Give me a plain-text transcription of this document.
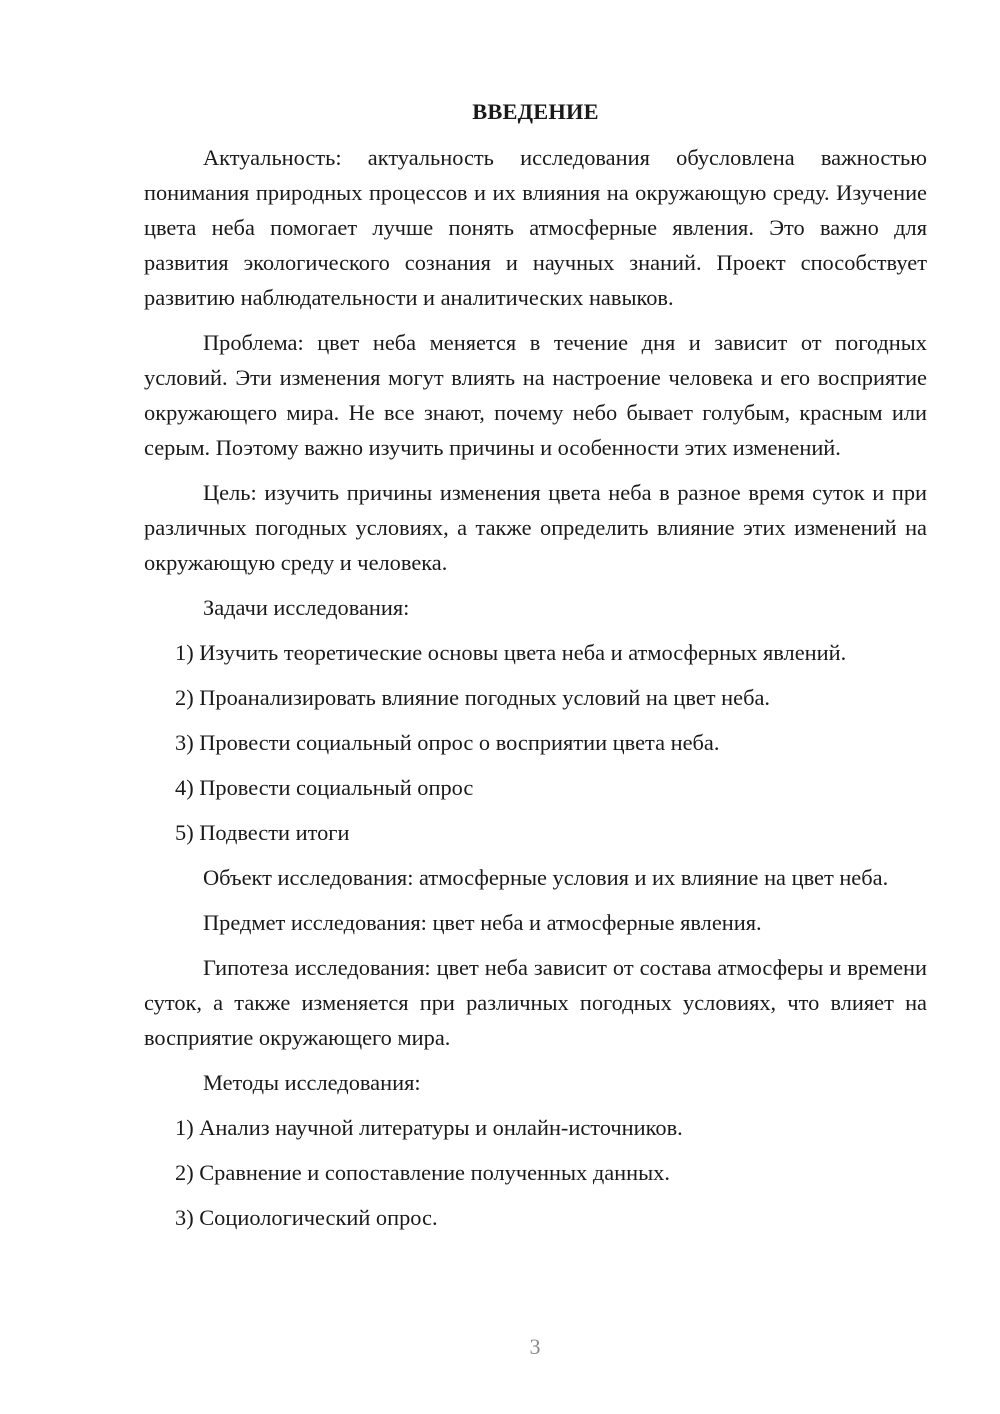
ВВЕДЕНИЕ

Актуальность: актуальность исследования обусловлена важностью понимания природных процессов и их влияния на окружающую среду. Изучение цвета неба помогает лучше понять атмосферные явления. Это важно для развития экологического сознания и научных знаний. Проект способствует развитию наблюдательности и аналитических навыков.

Проблема: цвет неба меняется в течение дня и зависит от погодных условий. Эти изменения могут влиять на настроение человека и его восприятие окружающего мира. Не все знают, почему небо бывает голубым, красным или серым. Поэтому важно изучить причины и особенности этих изменений.

Цель: изучить причины изменения цвета неба в разное время суток и при различных погодных условиях, а также определить влияние этих изменений на окружающую среду и человека.

Задачи исследования:

1) Изучить теоретические основы цвета неба и атмосферных явлений.
2) Проанализировать влияние погодных условий на цвет неба.
3) Провести социальный опрос о восприятии цвета неба.
4) Провести социальный опрос
5) Подвести итоги

Объект исследования: атмосферные условия и их влияние на цвет неба.

Предмет исследования: цвет неба и атмосферные явления.

Гипотеза исследования: цвет неба зависит от состава атмосферы и времени суток, а также изменяется при различных погодных условиях, что влияет на восприятие окружающего мира.

Методы исследования:

1) Анализ научной литературы и онлайн-источников.
2) Сравнение и сопоставление полученных данных.
3) Социологический опрос.
3
